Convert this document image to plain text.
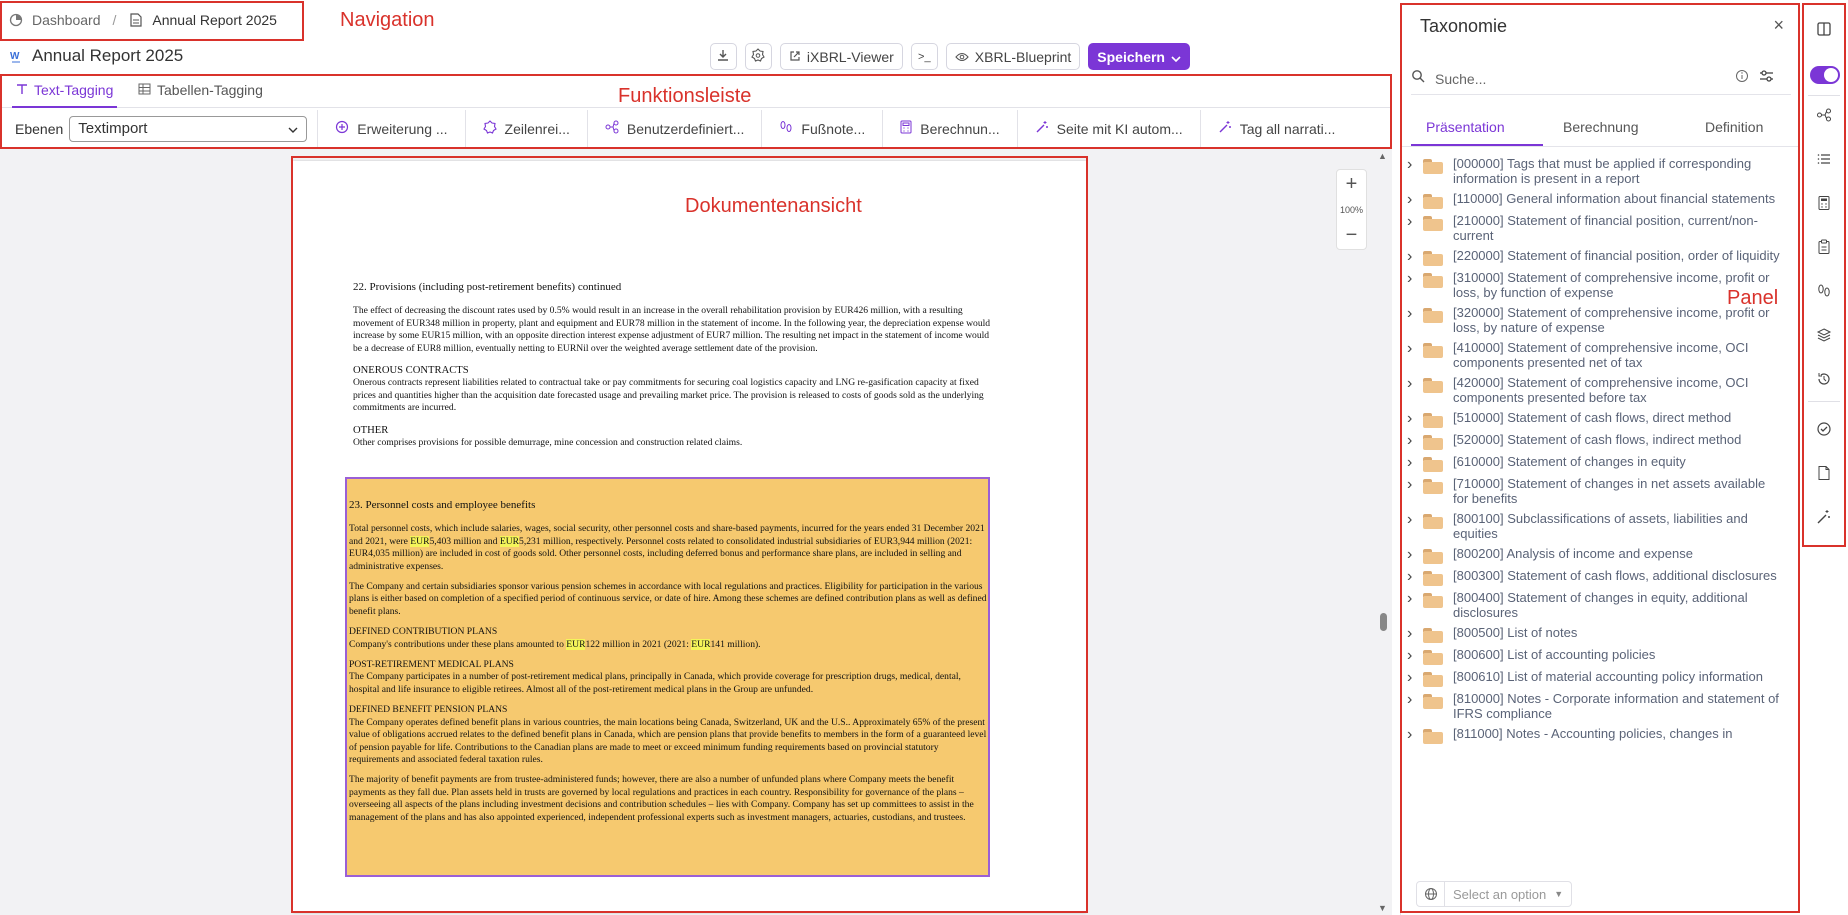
Dashboard /	Annual Report 2025
W Annual Report 2025	iXBRL-Viewer >_	XBRL-Blueprint Speichern
Text-Tagging	Tabellen-Tagging
Ebenen Textimport	Erweiterung ...	Zeilenrei...	Benutzerdefiniert...	Fußnote...	Berechnun...	Seite mit KI autom...	Tag all narrati...
22. Provisions (including post-retirement benefits) continued

The effect of decreasing the discount rates used by 0.5% would result in an increase in the overall rehabilitation provision by EUR426 million, with a resulting movement of EUR348 million in property, plant and equipment and EUR78 million in the statement of income. In the following year, the depreciation expense would increase by some EUR15 million, with an opposite direction interest expense adjustment of EUR7 million. The resulting net impact in the statement of income would be a decrease of EUR8 million, eventually netting to EURNil over the weighted average settlement date of the provision.

ONEROUS CONTRACTS

Onerous contracts represent liabilities related to contractual take or pay commitments for securing coal logistics capacity and LNG re-gasification capacity at fixed prices and quantities higher than the acquisition date forecasted usage and prevailing market price. The provision is released to costs of goods sold as the underlying commitments are incurred.

OTHER

Other comprises provisions for possible demurrage, mine concession and construction related claims.

23. Personnel costs and employee benefits

Total personnel costs, which include salaries, wages, social security, other personnel costs and share-based payments, incurred for the years ended 31 December 2021 and 2021, were EUR5,403 million and EUR5,231 million, respectively. Personnel costs related to consolidated industrial subsidiaries of EUR3,944 million (2021: EUR4,035 million) are included in cost of goods sold. Other personnel costs, including deferred bonus and performance share plans, are included in selling and administrative expenses.

The Company and certain subsidiaries sponsor various pension schemes in accordance with local regulations and practices. Eligibility for participation in the various plans is either based on completion of a specified period of continuous service, or date of hire. Among these schemes are defined contribution plans as well as defined benefit plans.

DEFINED CONTRIBUTION PLANS

Company's contributions under these plans amounted to EUR122 million in 2021 (2021: EUR141 million).

POST-RETIREMENT MEDICAL PLANS

The Company participates in a number of post-retirement medical plans, principally in Canada, which provide coverage for prescription drugs, medical, dental, hospital and life insurance to eligible retirees. Almost all of the post-retirement medical plans in the Group are unfunded.

DEFINED BENEFIT PENSION PLANS

The Company operates defined benefit plans in various countries, the main locations being Canada, Switzerland, UK and the U.S.. Approximately 65% of the present value of obligations accrued relates to the defined benefit plans in Canada, which are pension plans that provide benefits to members in the form of a guaranteed level of pension payable for life. Contributions to the Canadian plans are made to meet or exceed minimum funding requirements based on provincial statutory requirements and associated federal taxation rules.

The majority of benefit payments are from trustee-administered funds; however, there are also a number of unfunded plans where Company meets the benefit payments as they fall due. Plan assets held in trusts are governed by local regulations and practices in each country. Responsibility for governance of the plans – overseeing all aspects of the plans including investment decisions and contribution schedules – lies with Company. Company has set up committees to assist in the management of the plans and has also appointed experienced, independent professional experts such as investment managers, actuaries, custodians, and trustees.

+
100%
−
▲
▼
Taxonomie	×
Suche...
Präsentation	Berechnung	Definition
›	[000000] Tags that must be applied if corresponding information is present in a report
›	[110000] General information about financial statements
›	[210000] Statement of financial position, current/non-current
›	[220000] Statement of financial position, order of liquidity
›	[310000] Statement of comprehensive income, profit or loss, by function of expense
›	[320000] Statement of comprehensive income, profit or loss, by nature of expense
›	[410000] Statement of comprehensive income, OCI components presented net of tax
›	[420000] Statement of comprehensive income, OCI components presented before tax
›	[510000] Statement of cash flows, direct method
›	[520000] Statement of cash flows, indirect method
›	[610000] Statement of changes in equity
›	[710000] Statement of changes in net assets available for benefits
›	[800100] Subclassifications of assets, liabilities and equities
›	[800200] Analysis of income and expense
›	[800300] Statement of cash flows, additional disclosures
›	[800400] Statement of changes in equity, additional disclosures
›	[800500] List of notes
›	[800600] List of accounting policies
›	[800610] List of material accounting policy information
›	[810000] Notes - Corporate information and statement of IFRS compliance
›	[811000] Notes - Accounting policies, changes in
Select an option ▼
Navigation
Funktionsleiste
Dokumentenansicht
Panel
